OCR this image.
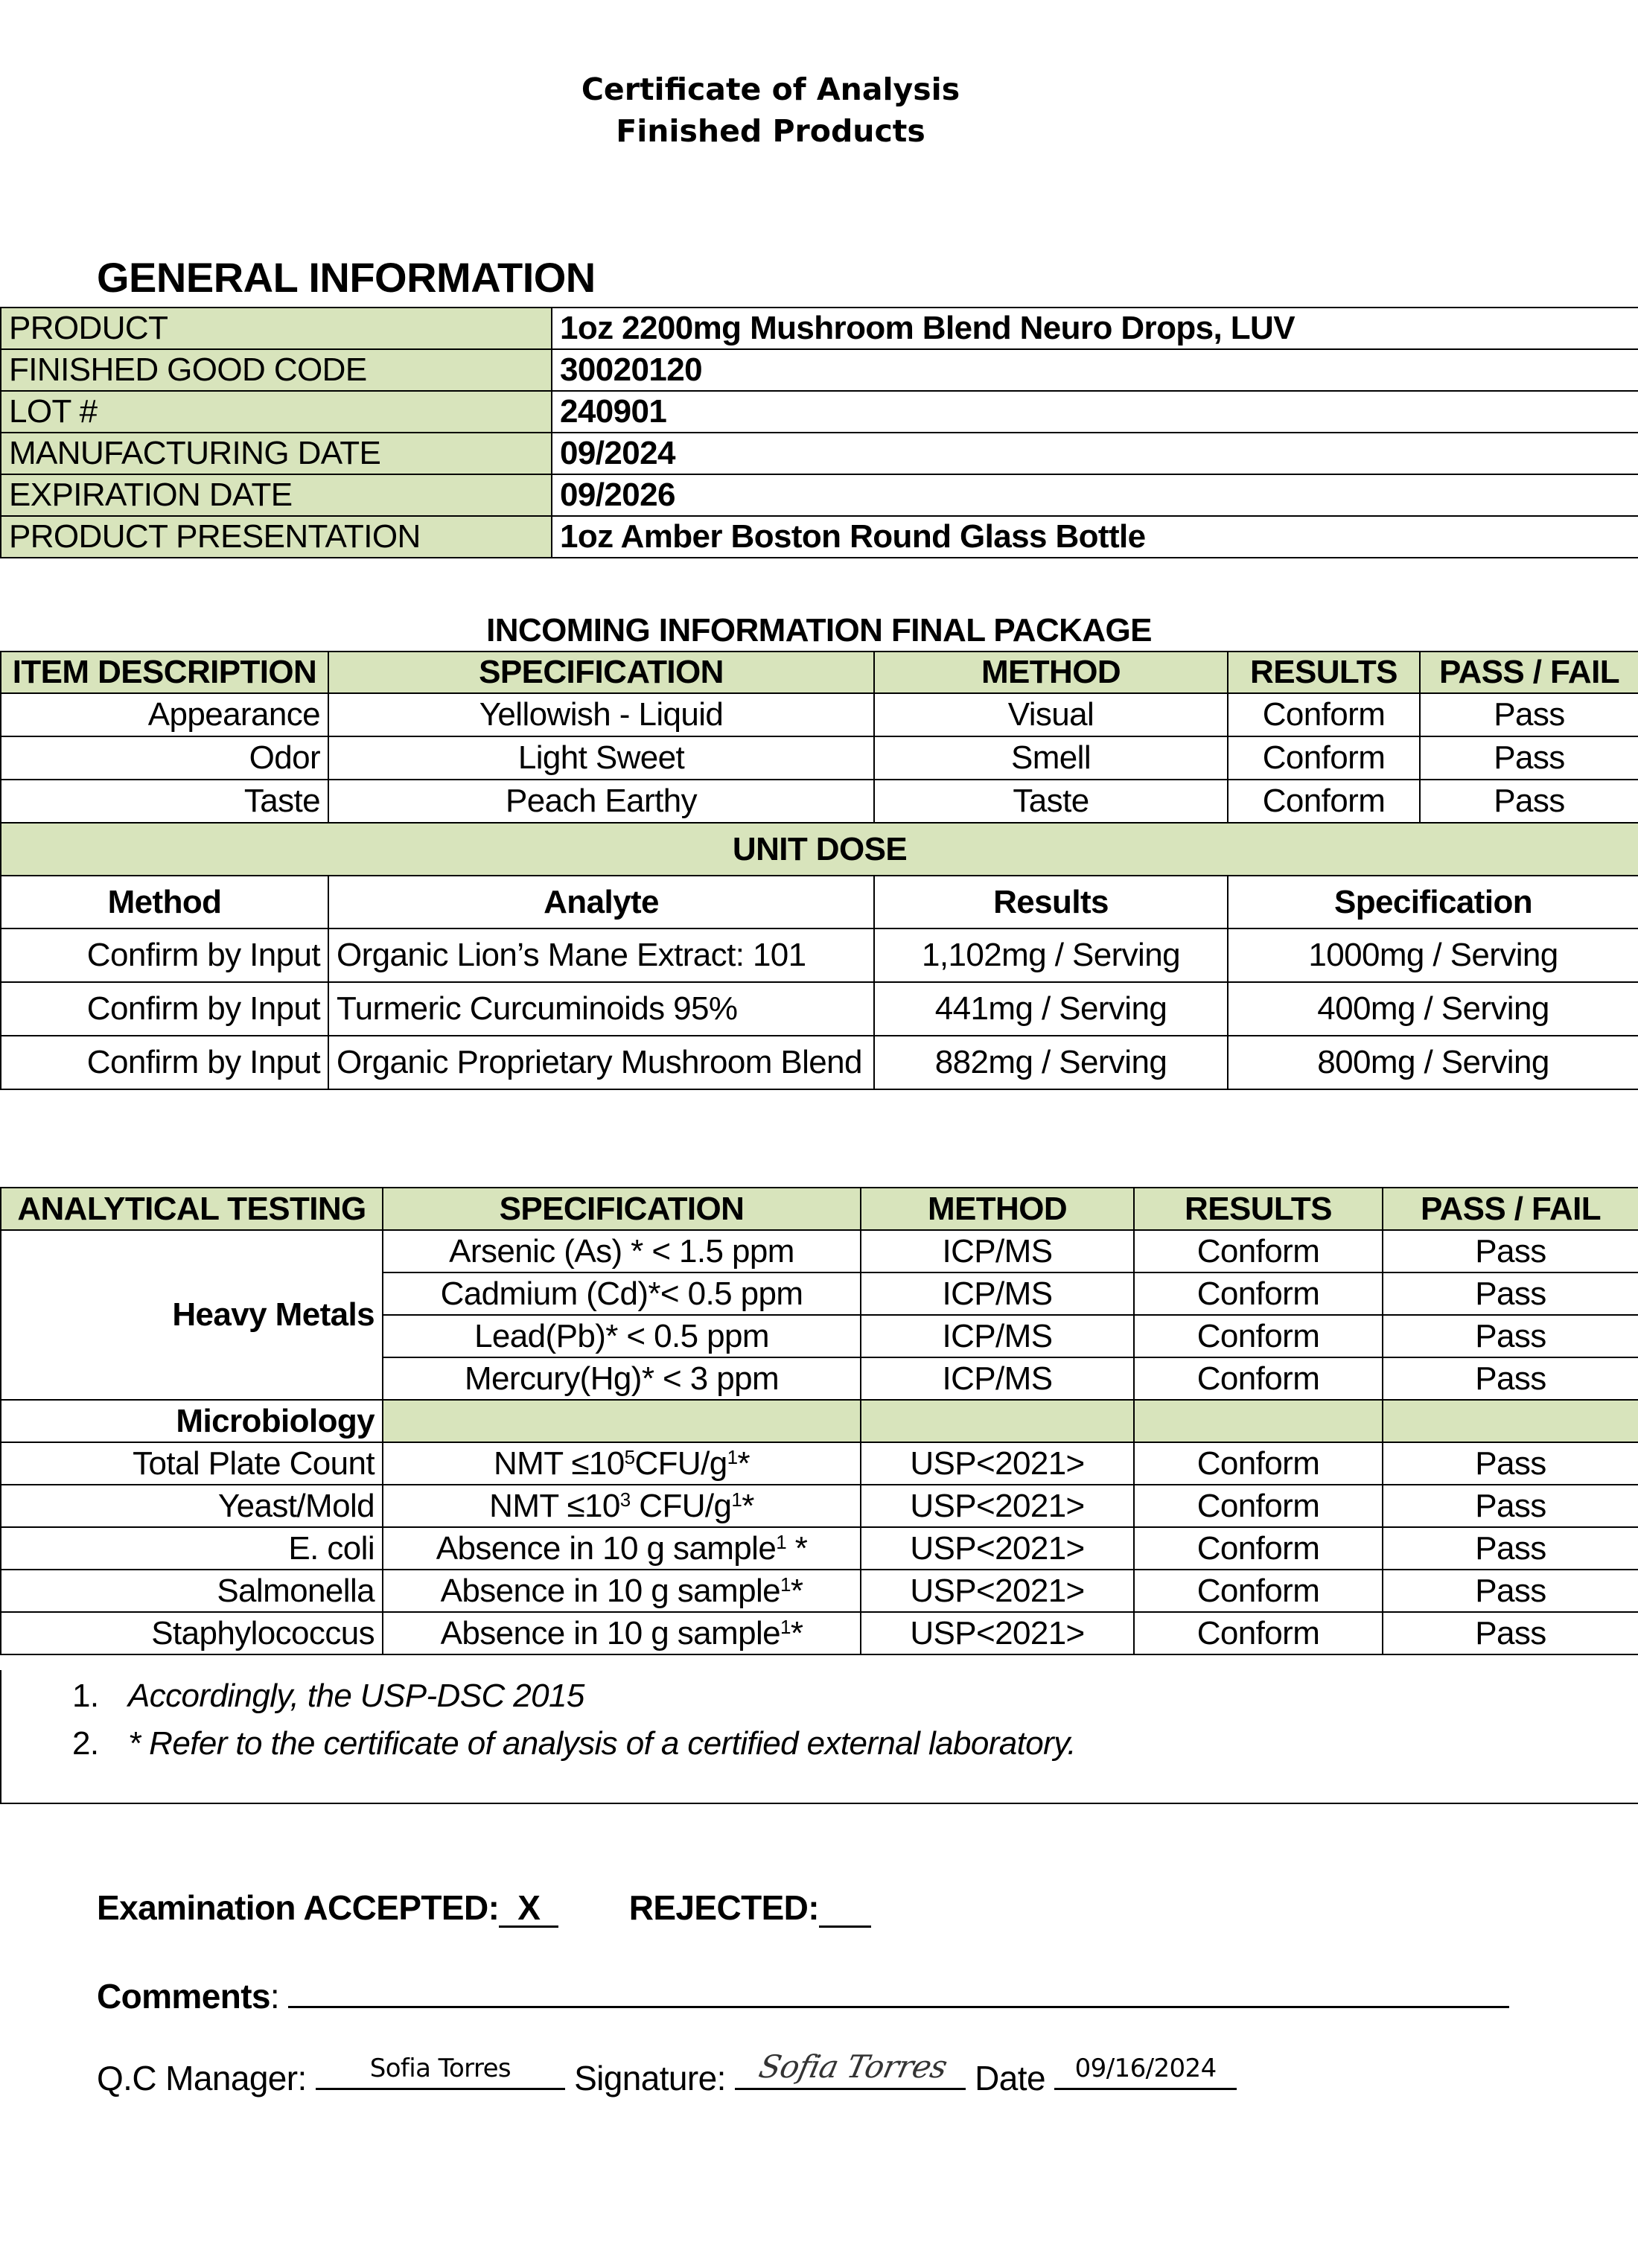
Certificate of Analysis
Finished Products
GENERAL INFORMATION
PRODUCT	1oz 2200mg Mushroom Blend Neuro Drops, LUV
FINISHED GOOD CODE	30020120
LOT #	240901
MANUFACTURING DATE	09/2024
EXPIRATION DATE	09/2026
PRODUCT PRESENTATION	1oz Amber Boston Round Glass Bottle
INCOMING INFORMATION FINAL PACKAGE
ITEM DESCRIPTION	SPECIFICATION	METHOD	RESULTS	PASS / FAIL
Appearance	Yellowish - Liquid	Visual	Conform	Pass
Odor	Light Sweet	Smell	Conform	Pass
Taste	Peach Earthy	Taste	Conform	Pass
UNIT DOSE				
Method	Analyte	Results	Specification	
Confirm by Input	Organic Lion’s Mane Extract: 101	1,102mg / Serving	1000mg / Serving	
Confirm by Input	Turmeric Curcuminoids 95%	441mg / Serving	400mg / Serving	
Confirm by Input	Organic Proprietary Mushroom Blend	882mg / Serving	800mg / Serving	
ANALYTICAL TESTING	SPECIFICATION	METHOD	RESULTS	PASS / FAIL
Heavy Metals	Arsenic (As) * < 1.5 ppm	ICP/MS	Conform	Pass
	Cadmium (Cd)*< 0.5 ppm	ICP/MS	Conform	Pass
	Lead(Pb)* < 0.5 ppm	ICP/MS	Conform	Pass
	Mercury(Hg)* < 3 ppm	ICP/MS	Conform	Pass
Microbiology				
Total Plate Count	NMT $\le 10^5CFU/g^1*$	USP<2021>	Conform	Pass
Yeast/Mold	NMT $\le 10^3$ CFU/$g^1*$	USP<2021>	Conform	Pass
E. coli	Absence in 10 g sample$^1$ *	USP<2021>	Conform	Pass
Salmonella	Absence in 10 g sample$^1$*	USP<2021>	Conform	Pass
Staphylococcus	Absence in 10 g sample$^1$*	USP<2021>	Conform	Pass
1. Accordingly, the USP-DSC 2015
2. * Refer to the certificate of analysis of a certified external laboratory.
Examination ACCEPTED: X	REJECTED:
Comments:
Q.C Manager:	Sofia Torres	Signature: Sofia Torres Date	09/16/2024
